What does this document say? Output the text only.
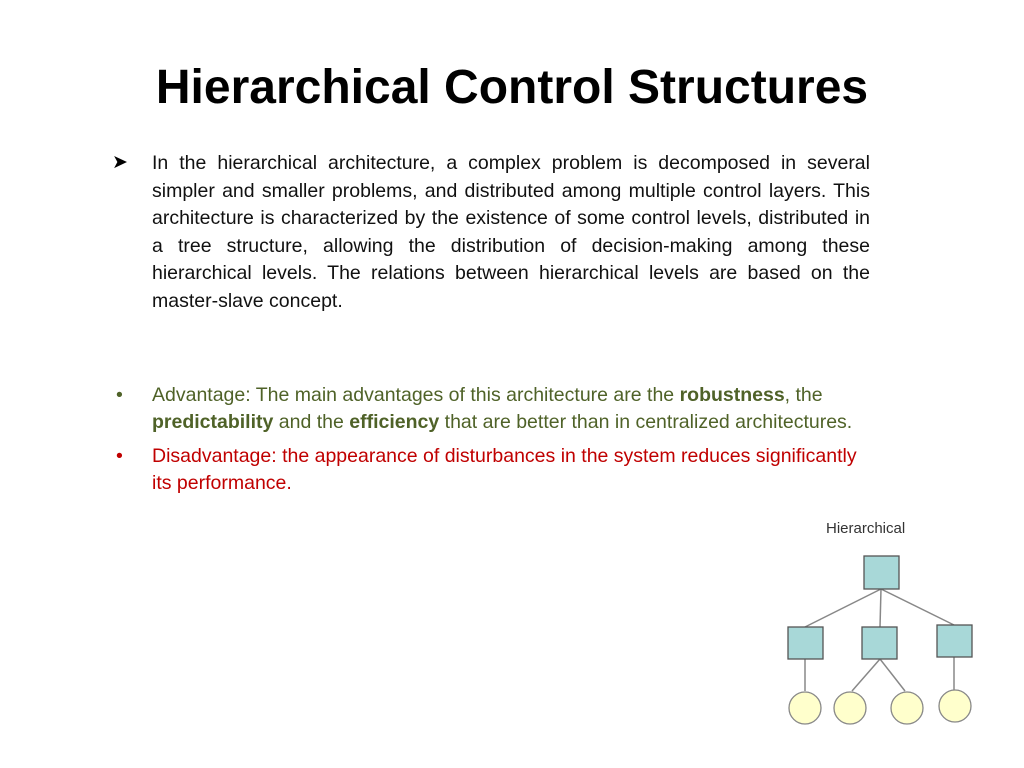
Hierarchical Control Structures
➤ In the hierarchical architecture, a complex problem is decomposed in several simpler and smaller problems, and distributed among multiple control layers. This architecture is characterized by the existence of some control levels, distributed in a tree structure, allowing the distribution of decision-making among these hierarchical levels. The relations between hierarchical levels are based on the master-slave concept.
• Advantage: The main advantages of this architecture are the robustness, the predictability and the efficiency that are better than in centralized architectures.
• Disadvantage: the appearance of disturbances in the system reduces significantly its performance.
Hierarchical
